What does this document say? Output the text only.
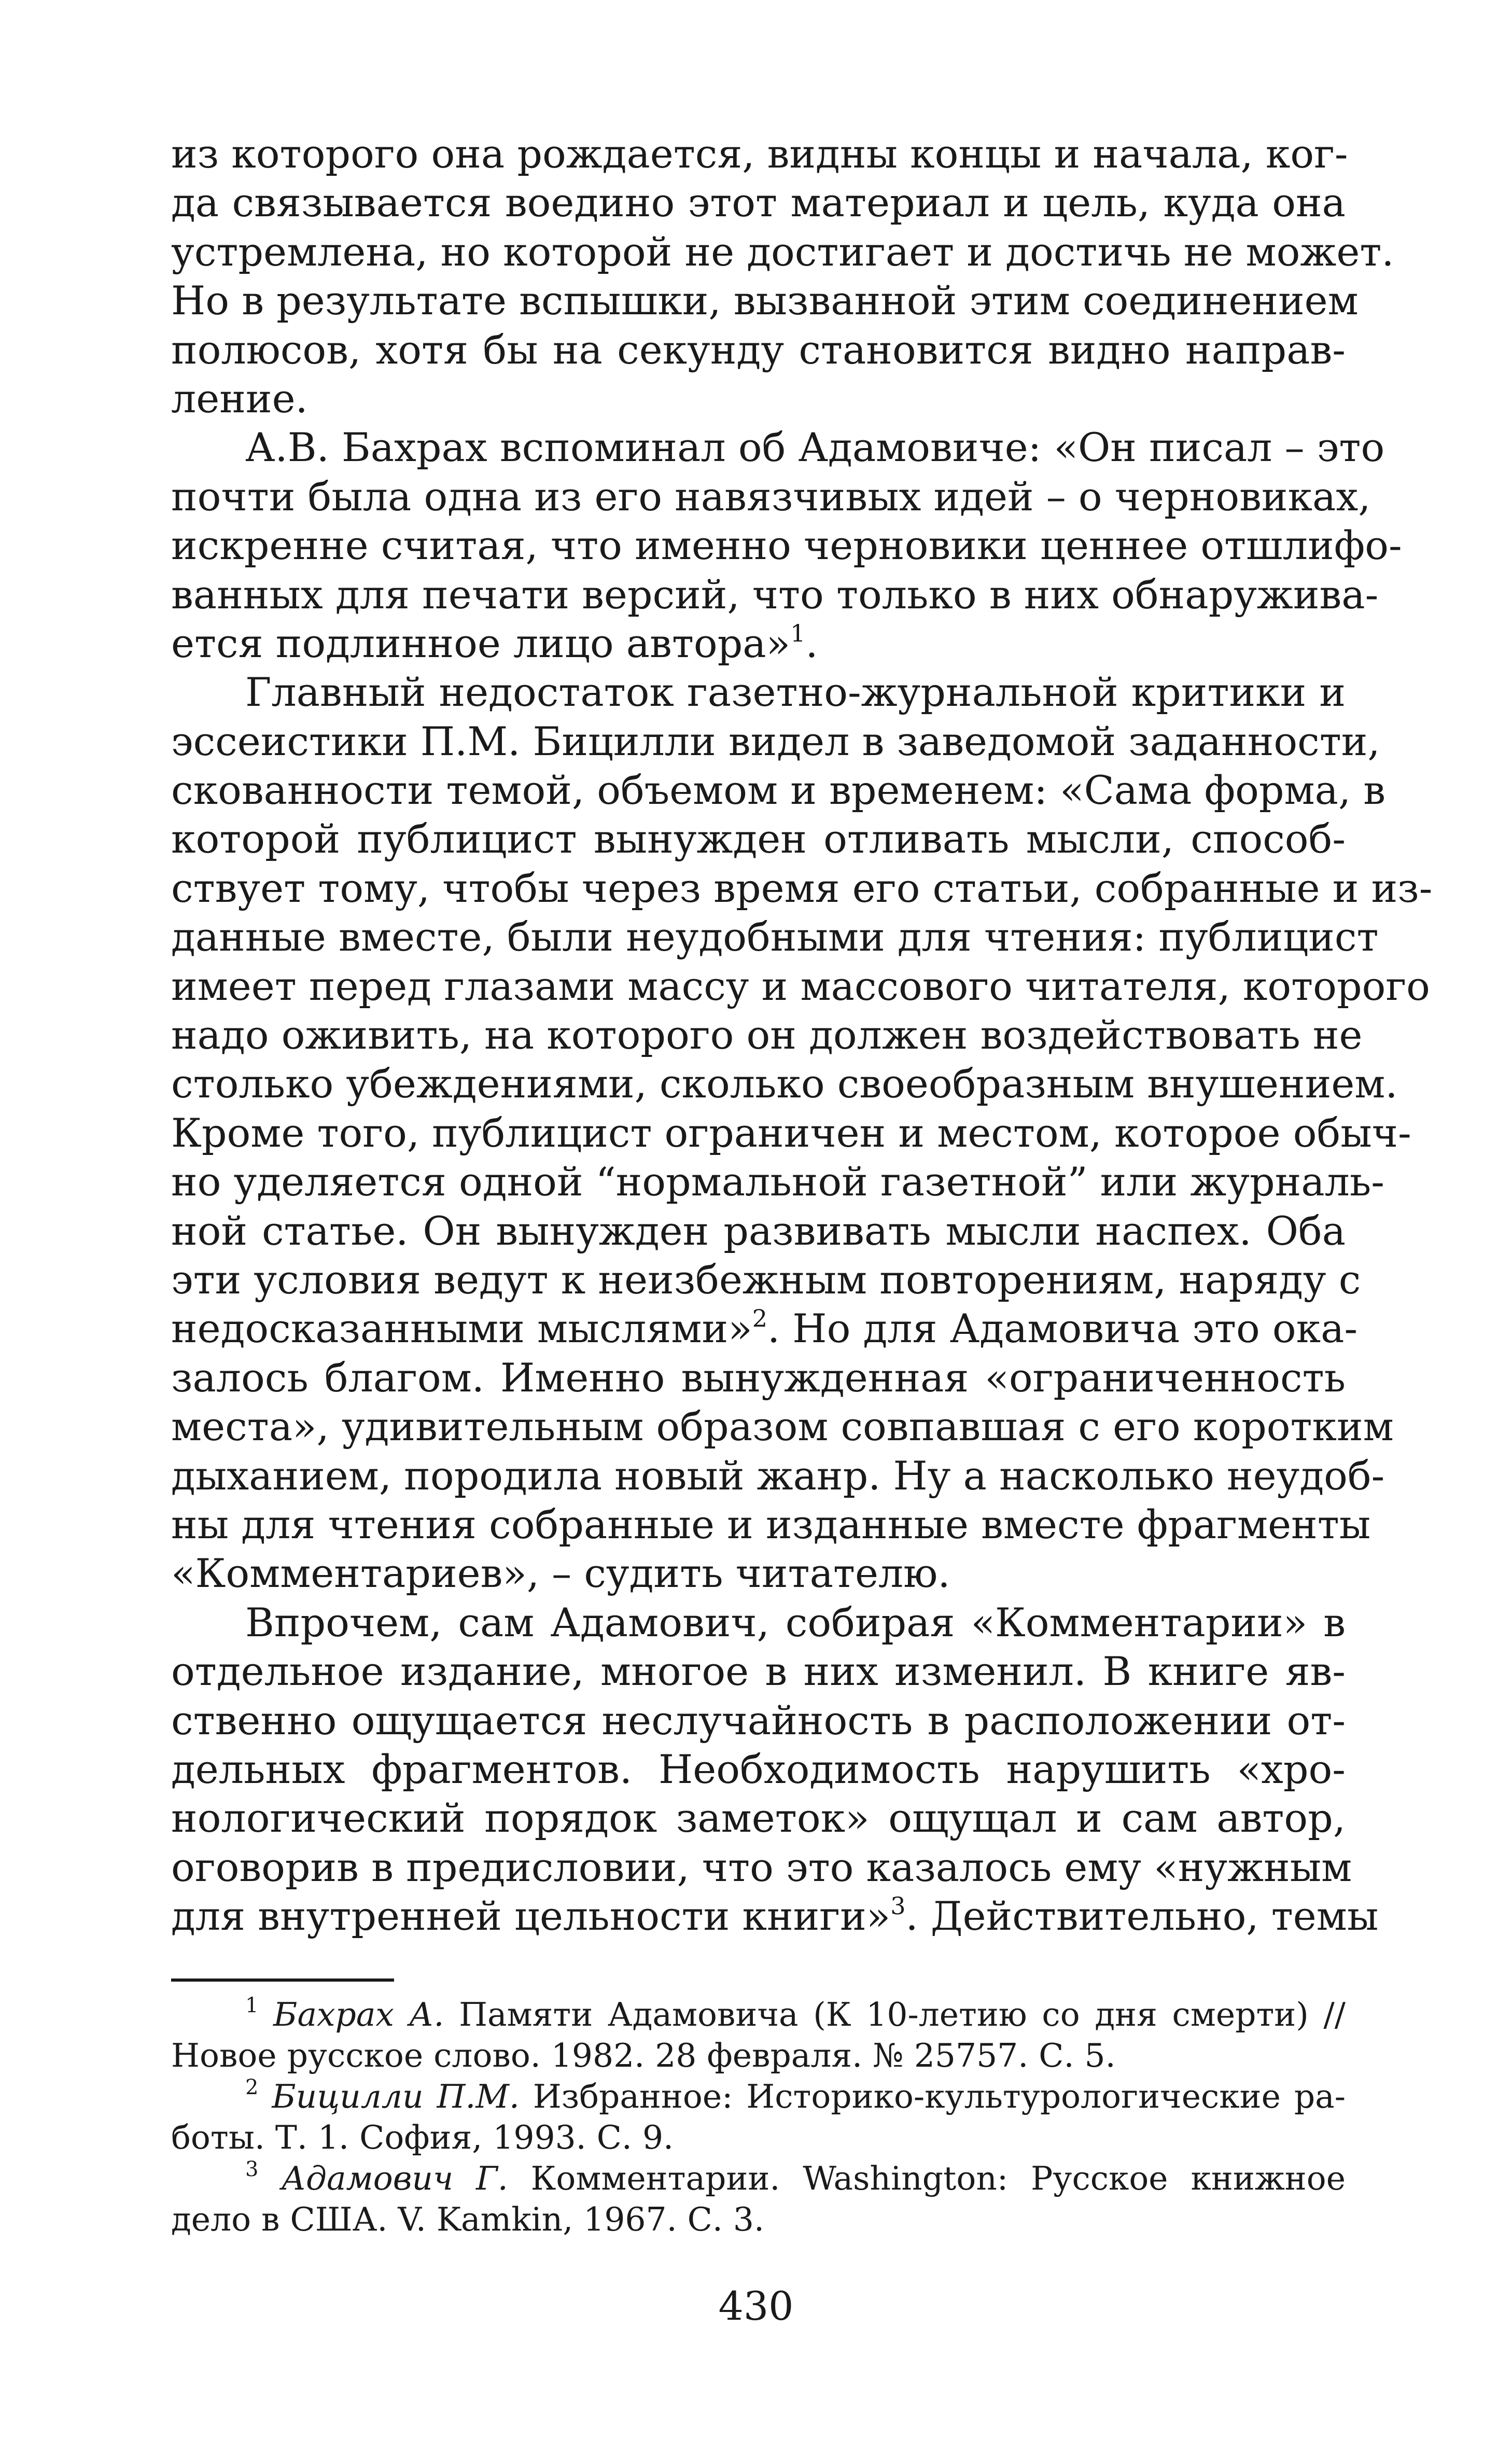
из которого она рождается, видны концы и начала, ког-
да связывается воедино этот материал и цель, куда она
устремлена, но которой не достигает и достичь не может.
Но в результате вспышки, вызванной этим соединением
полюсов, хотя бы на секунду становится видно направ-
ление.
А.В. Бахрах вспоминал об Адамовиче: «Он писал – это
почти была одна из его навязчивых идей – о черновиках,
искренне считая, что именно черновики ценнее отшлифо-
ванных для печати версий, что только в них обнаружива-
ется подлинное лицо автора»$^1$.
Главный недостаток газетно-журнальной критики и
эссеистики П.М. Бицилли видел в заведомой заданности,
скованности темой, объемом и временем: «Сама форма, в
которой публицист вынужден отливать мысли, способ-
ствует тому, чтобы через время его статьи, собранные и из-
данные вместе, были неудобными для чтения: публицист
имеет перед глазами массу и массового читателя, которого
надо оживить, на которого он должен воздействовать не
столько убеждениями, сколько своеобразным внушением.
Кроме того, публицист ограничен и местом, которое обыч-
но уделяется одной “нормальной газетной” или журналь-
ной статье. Он вынужден развивать мысли наспех. Оба
эти условия ведут к неизбежным повторениям, наряду с
недосказанными мыслями»$^2$. Но для Адамовича это ока-
залось благом. Именно вынужденная «ограниченность
места», удивительным образом совпавшая с его коротким
дыханием, породила новый жанр. Ну а насколько неудоб-
ны для чтения собранные и изданные вместе фрагменты
«Комментариев», – судить читателю.
Впрочем, сам Адамович, собирая «Комментарии» в
отдельное издание, многое в них изменил. В книге яв-
ственно ощущается неслучайность в расположении от-
дельных фрагментов. Необходимость нарушить «хро-
нологический порядок заметок» ощущал и сам автор,
оговорив в предисловии, что это казалось ему «нужным
для внутренней цельности книги»$^3$. Действительно, темы
$^1$ Бахрах А. Памяти Адамовича (К 10-летию со дня смерти) //
Новое русское слово. 1982. 28 февраля. № 25757. С. 5.
$^2$ Бицилли П.М. Избранное: Историко-культурологические ра-
боты. Т. 1. София, 1993. С. 9.
$^3$ Адамович Г. Комментарии. Washington: Русское книжное
дело в США. V. Kamkin, 1967. С. 3.
430
